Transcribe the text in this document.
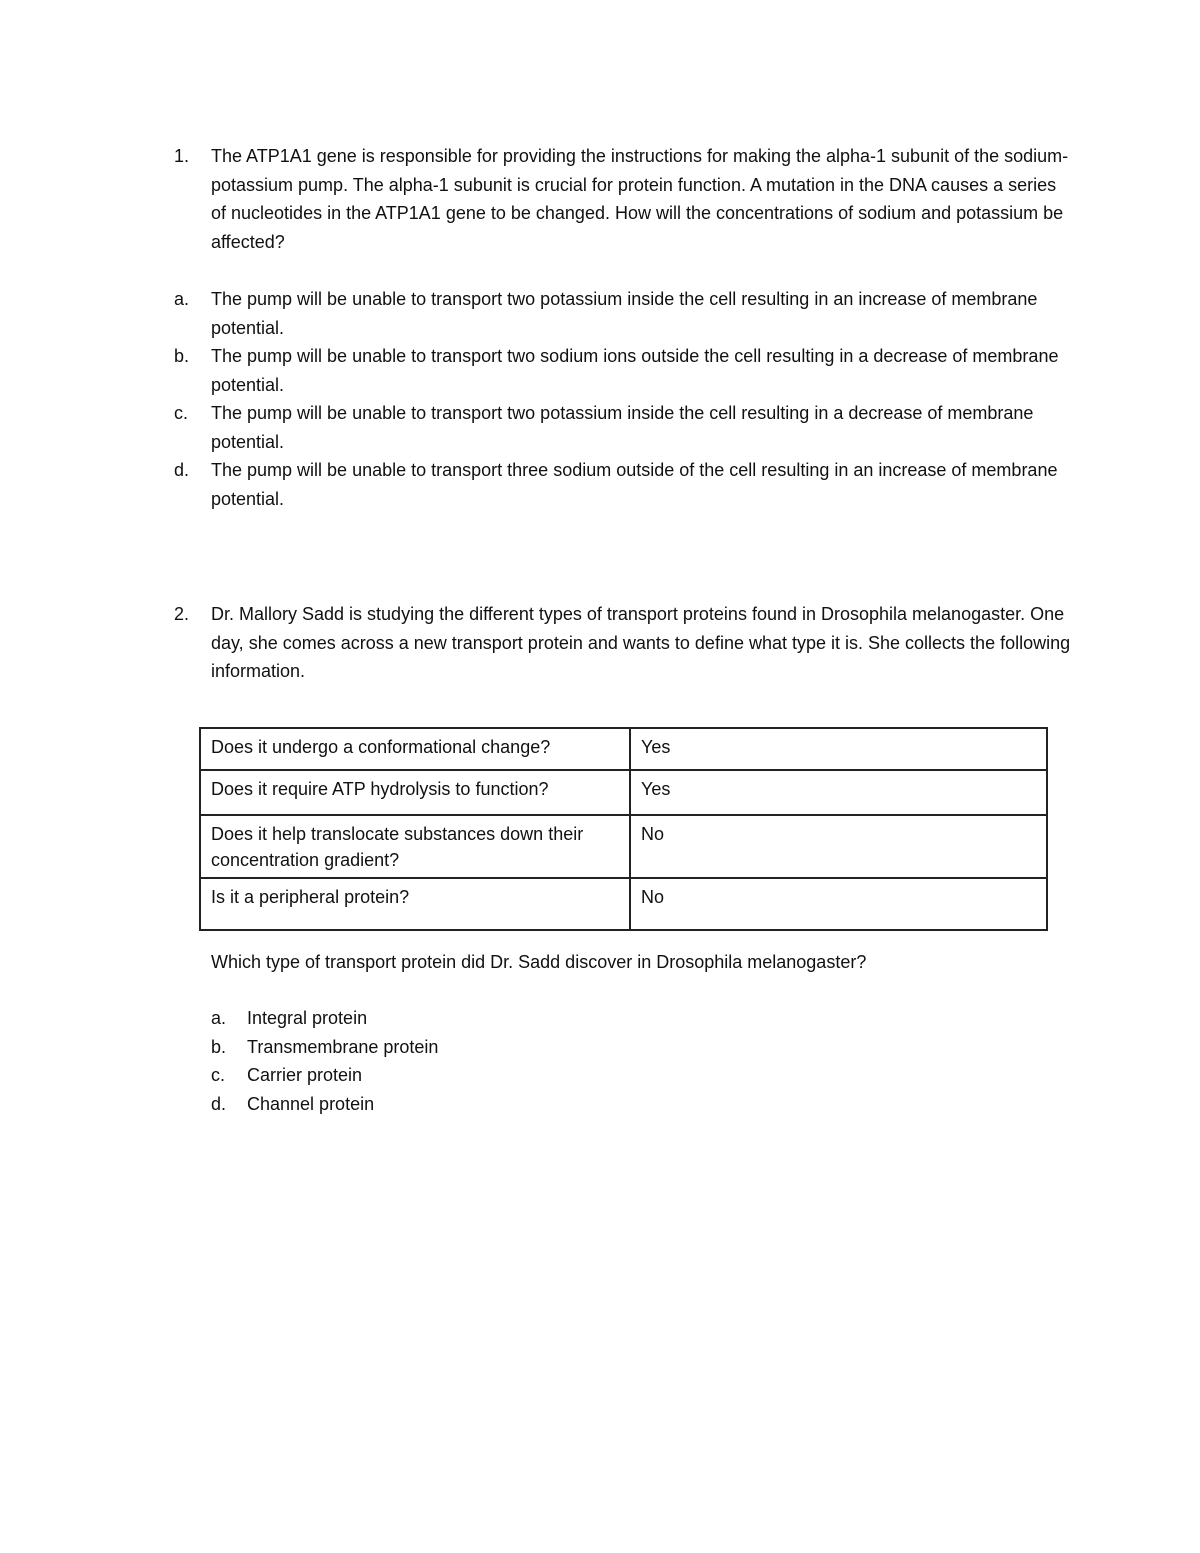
1. The ATP1A1 gene is responsible for providing the instructions for making the alpha-1 subunit of the sodium-potassium pump. The alpha-1 subunit is crucial for protein function. A mutation in the DNA causes a series of nucleotides in the ATP1A1 gene to be changed. How will the concentrations of sodium and potassium be affected?
a. The pump will be unable to transport two potassium inside the cell resulting in an increase of membrane potential.
b. The pump will be unable to transport two sodium ions outside the cell resulting in a decrease of membrane potential.
c. The pump will be unable to transport two potassium inside the cell resulting in a decrease of membrane potential.
d. The pump will be unable to transport three sodium outside of the cell resulting in an increase of membrane potential.
2. Dr. Mallory Sadd is studying the different types of transport proteins found in Drosophila melanogaster. One day, she comes across a new transport protein and wants to define what type it is. She collects the following information.
Does it undergo a conformational change?	Yes
Does it require ATP hydrolysis to function?	Yes
Does it help translocate substances down their concentration gradient?	No
Is it a peripheral protein?	No
Which type of transport protein did Dr. Sadd discover in Drosophila melanogaster?
a. Integral protein
b. Transmembrane protein
c. Carrier protein
d. Channel protein
